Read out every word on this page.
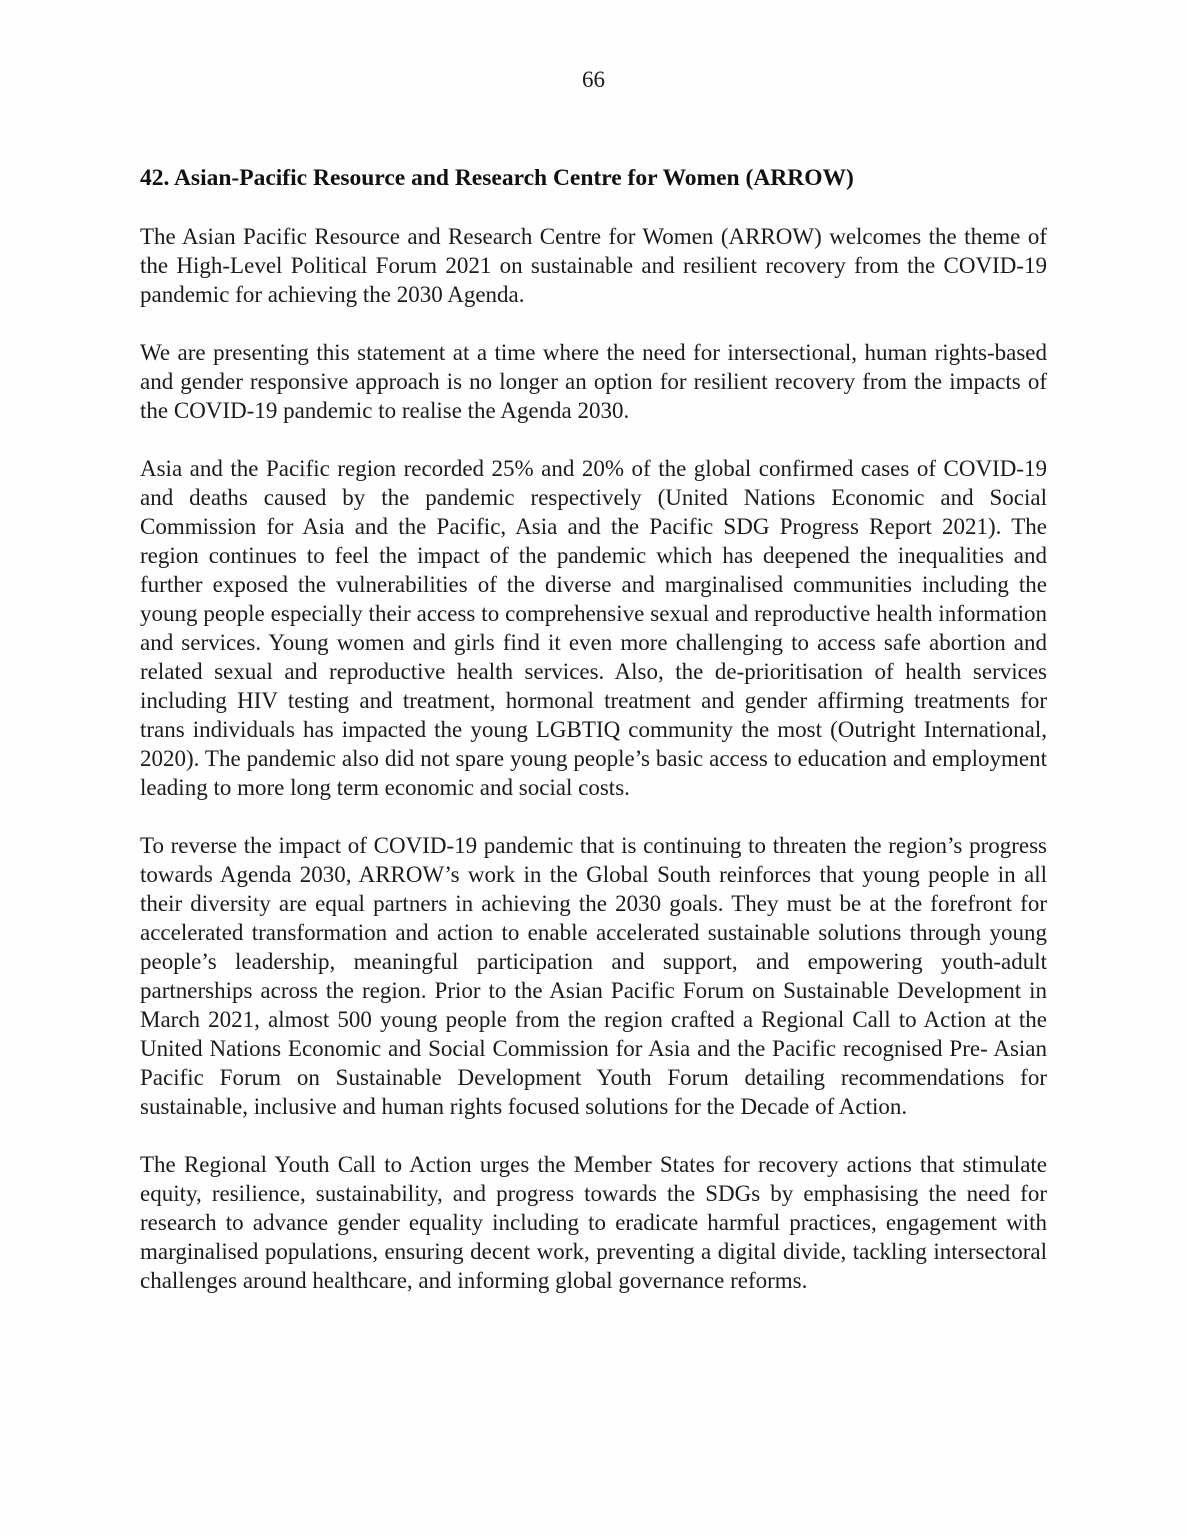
66
42. Asian-Pacific Resource and Research Centre for Women (ARROW)

The Asian Pacific Resource and Research Centre for Women (ARROW) welcomes the theme of the High-Level Political Forum 2021 on sustainable and resilient recovery from the COVID-19 pandemic for achieving the 2030 Agenda.

We are presenting this statement at a time where the need for intersectional, human rights-based and gender responsive approach is no longer an option for resilient recovery from the impacts of the COVID-19 pandemic to realise the Agenda 2030.

Asia and the Pacific region recorded 25% and 20% of the global confirmed cases of COVID-19 and deaths caused by the pandemic respectively (United Nations Economic and Social Commission for Asia and the Pacific, Asia and the Pacific SDG Progress Report 2021). The region continues to feel the impact of the pandemic which has deepened the inequalities and further exposed the vulnerabilities of the diverse and marginalised communities including the young people especially their access to comprehensive sexual and reproductive health information and services. Young women and girls find it even more challenging to access safe abortion and related sexual and reproductive health services. Also, the de-prioritisation of health services including HIV testing and treatment, hormonal treatment and gender affirming treatments for trans individuals has impacted the young LGBTIQ community the most (Outright International, 2020). The pandemic also did not spare young people’s basic access to education and employment leading to more long term economic and social costs.

To reverse the impact of COVID-19 pandemic that is continuing to threaten the region’s progress towards Agenda 2030, ARROW’s work in the Global South reinforces that young people in all their diversity are equal partners in achieving the 2030 goals. They must be at the forefront for accelerated transformation and action to enable accelerated sustainable solutions through young people’s leadership, meaningful participation and support, and empowering youth-adult partnerships across the region. Prior to the Asian Pacific Forum on Sustainable Development in March 2021, almost 500 young people from the region crafted a Regional Call to Action at the United Nations Economic and Social Commission for Asia and the Pacific recognised Pre- Asian Pacific Forum on Sustainable Development Youth Forum detailing recommendations for sustainable, inclusive and human rights focused solutions for the Decade of Action.

The Regional Youth Call to Action urges the Member States for recovery actions that stimulate equity, resilience, sustainability, and progress towards the SDGs by emphasising the need for research to advance gender equality including to eradicate harmful practices, engagement with marginalised populations, ensuring decent work, preventing a digital divide, tackling intersectoral challenges around healthcare, and informing global governance reforms.
